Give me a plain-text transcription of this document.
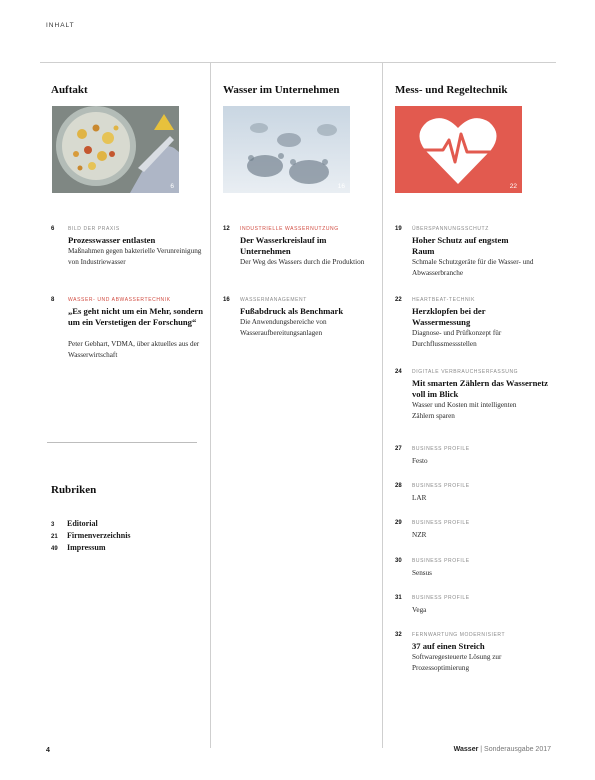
INHALT
Auftakt	Wasser im Unternehmen	Mess- und Regeltechnik
6	16	22
6	BILD DER PRAXIS
Prozesswasser entlasten
Maßnahmen gegen bakterielle Verunreinigung von Industriewasser
8	WASSER- UND ABWASSERTECHNIK
„Es geht nicht um ein Mehr, sondern um ein Verstetigen der Forschung“
Peter Gebhart, VDMA, über aktuelles aus der Wasserwirtschaft
Rubriken
3 Editorial
21 Firmenverzeichnis
49 Impressum
12 INDUSTRIELLE WASSERNUTZUNG
Der Wasserkreislauf im Unternehmen
Der Weg des Wassers durch die Produktion
16 WASSERMANAGEMENT
Fußabdruck als Benchmark
Die Anwendungsbereiche von Wasseraufbereitungsanlagen
19 ÜBERSPANNUNGSSCHUTZ
Hoher Schutz auf engstem Raum
Schmale Schutzgeräte für die Wasser- und Abwasserbranche
22 HEARTBEAT-TECHNIK
Herzklopfen bei der Wassermessung
Diagnose- und Prüfkonzept für Durchflussmessstellen
24 DIGITALE VERBRAUCHSERFASSUNG
Mit smarten Zählern das Wassernetz voll im Blick
Wasser und Kosten mit intelligenten Zählern sparen
27 BUSINESS PROFILE
Festo
28 BUSINESS PROFILE
LAR
29 BUSINESS PROFILE
NZR
30 BUSINESS PROFILE
Sensus
31 BUSINESS PROFILE
Vega
32 FERNWARTUNG MODERNISIERT
37 auf einen Streich
Softwaregesteuerte Lösung zur Prozessoptimierung
4	Wasser | Sonderausgabe 2017
